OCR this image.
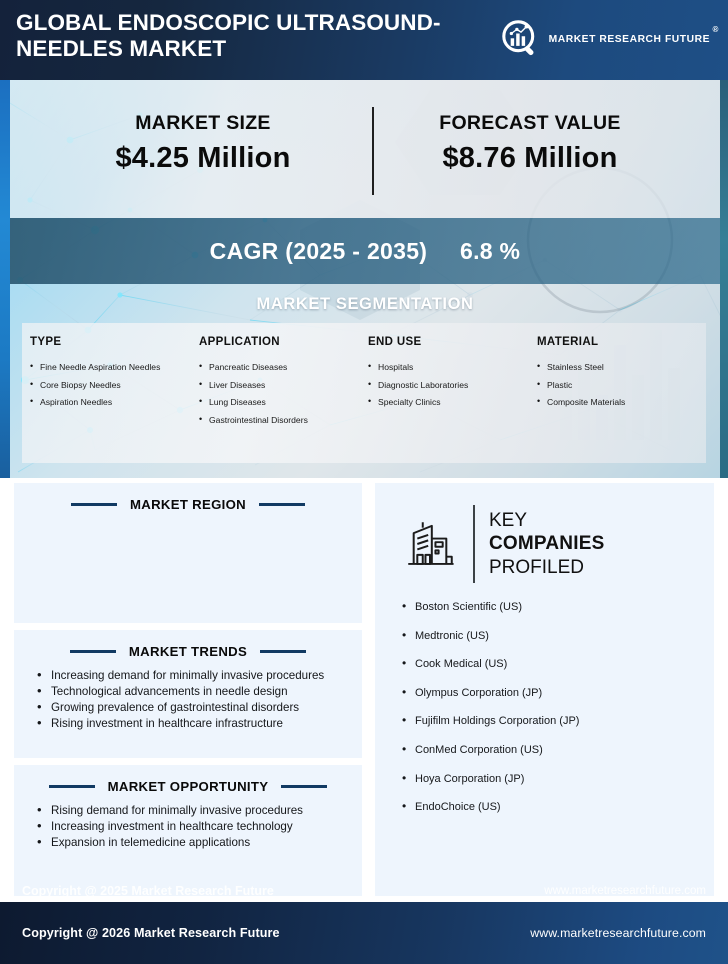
GLOBAL ENDOSCOPIC ULTRASOUND-NEEDLES MARKET	MARKET RESEARCH FUTURE
®
MARKET SIZE
$4.25 Million
FORECAST VALUE
$8.76 Million
CAGR (2025 - 2035) 6.8 %
MARKET SEGMENTATION
TYPE
• Fine Needle Aspiration Needles
• Core Biopsy Needles
• Aspiration Needles
APPLICATION
• Pancreatic Diseases
• Liver Diseases
• Lung Diseases
• Gastrointestinal Disorders
END USE
• Hospitals
• Diagnostic Laboratories
• Specialty Clinics
MATERIAL
• Stainless Steel
• Plastic
• Composite Materials
MARKET REGION
MARKET TRENDS
• Increasing demand for minimally invasive procedures
• Technological advancements in needle design
• Growing prevalence of gastrointestinal disorders
• Rising investment in healthcare infrastructure
MARKET OPPORTUNITY
• Rising demand for minimally invasive procedures
• Increasing investment in healthcare technology
• Expansion in telemedicine applications
KEY
COMPANIES
PROFILED
• Boston Scientific (US)
• Medtronic (US)
• Cook Medical (US)
• Olympus Corporation (JP)
• Fujifilm Holdings Corporation (JP)
• ConMed Corporation (US)
• Hoya Corporation (JP)
• EndoChoice (US)
Copyright @ 2025 Market Research Future	www.marketresearchfuture.com
Copyright @ 2026 Market Research Future	www.marketresearchfuture.com
